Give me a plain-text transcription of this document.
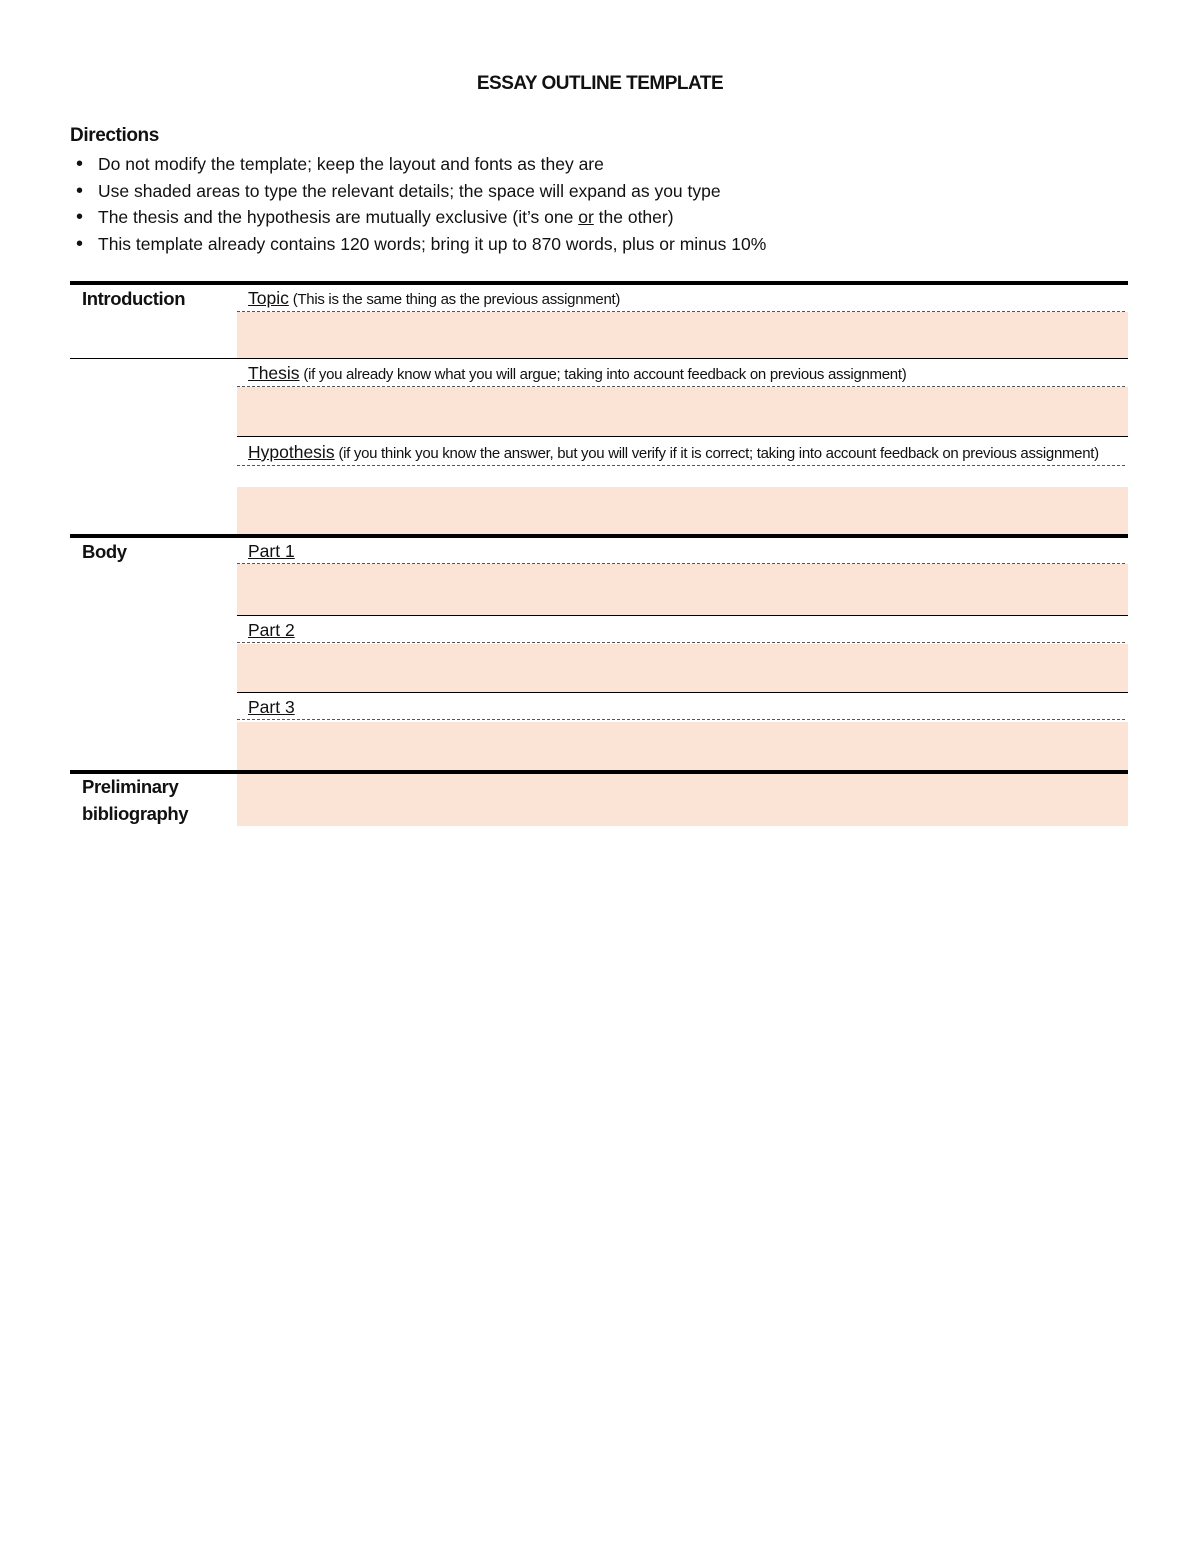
ESSAY OUTLINE TEMPLATE
Directions
• Do not modify the template; keep the layout and fonts as they are
• Use shaded areas to type the relevant details; the space will expand as you type
• The thesis and the hypothesis are mutually exclusive (it’s one or the other)
• This template already contains 120 words; bring it up to 870 words, plus or minus 10%
Introduction	Topic (This is the same thing as the previous assignment)
Thesis (if you already know what you will argue; taking into account feedback on previous assignment)
Hypothesis (if you think you know the answer, but you will verify if it is correct; taking into account feedback on previous assignment)
Body	Part 1
Part 2
Part 3
Preliminary bibliography
